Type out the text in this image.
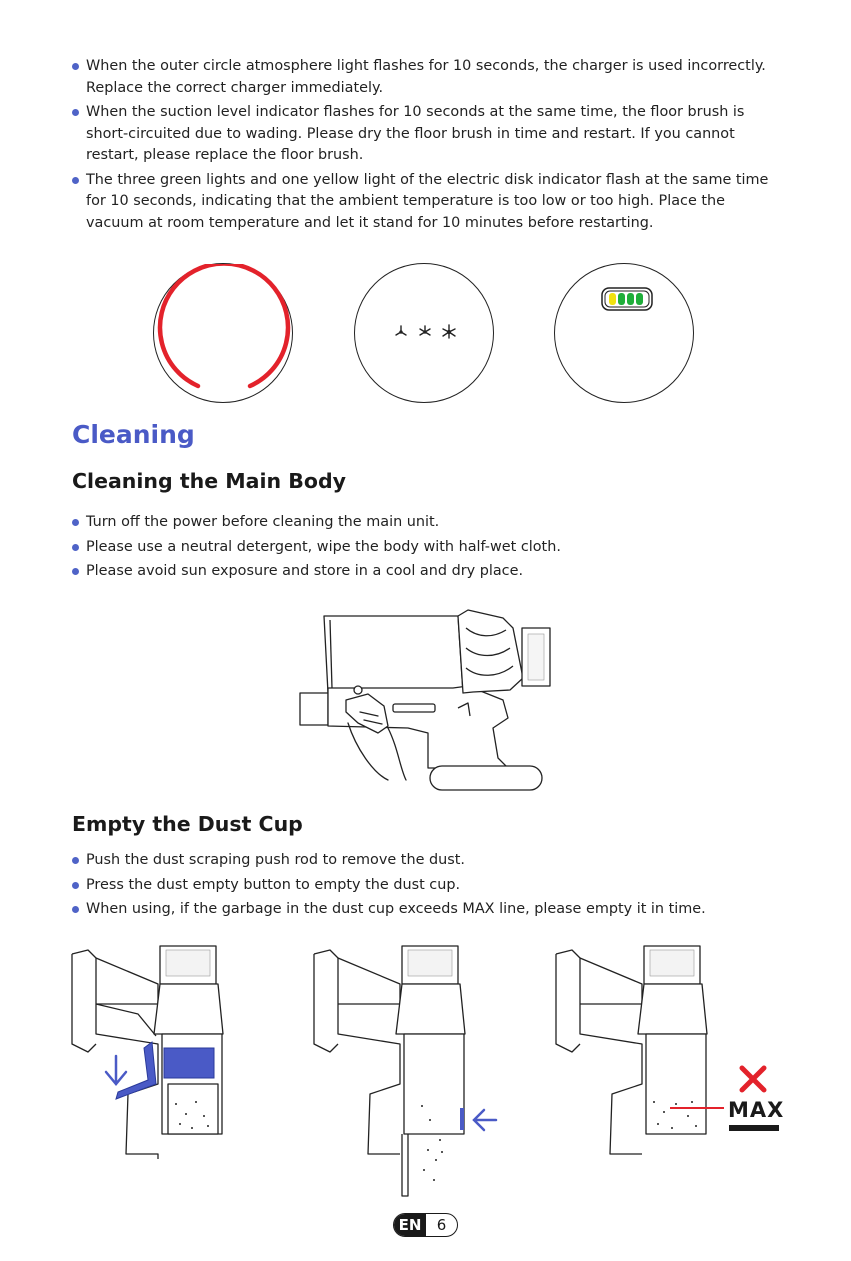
When the outer circle atmosphere light flashes for 10 seconds, the charger is used incorrectly. Replace the correct charger immediately.
When the suction level indicator flashes for 10 seconds at the same time, the floor brush is short-circuited due to wading. Please dry the floor brush in time and restart. If you cannot restart, please replace the floor brush.
The three green lights and one yellow light of the electric disk indicator flash at the same time for 10 seconds, indicating that the ambient temperature is too low or too high. Place the vacuum at room temperature and let it stand for 10 minutes before restarting.
Cleaning
Cleaning the Main Body
Turn off the power before cleaning the main unit.
Please use a neutral detergent, wipe the body with half-wet cloth.
Please avoid sun exposure and store in a cool and dry place.
Empty the Dust Cup
Push the dust scraping push rod to remove the dust.
Press the dust empty button to empty the dust cup.
When using, if the garbage in the dust cup exceeds MAX line, please empty it in time.
MAX
EN	6
